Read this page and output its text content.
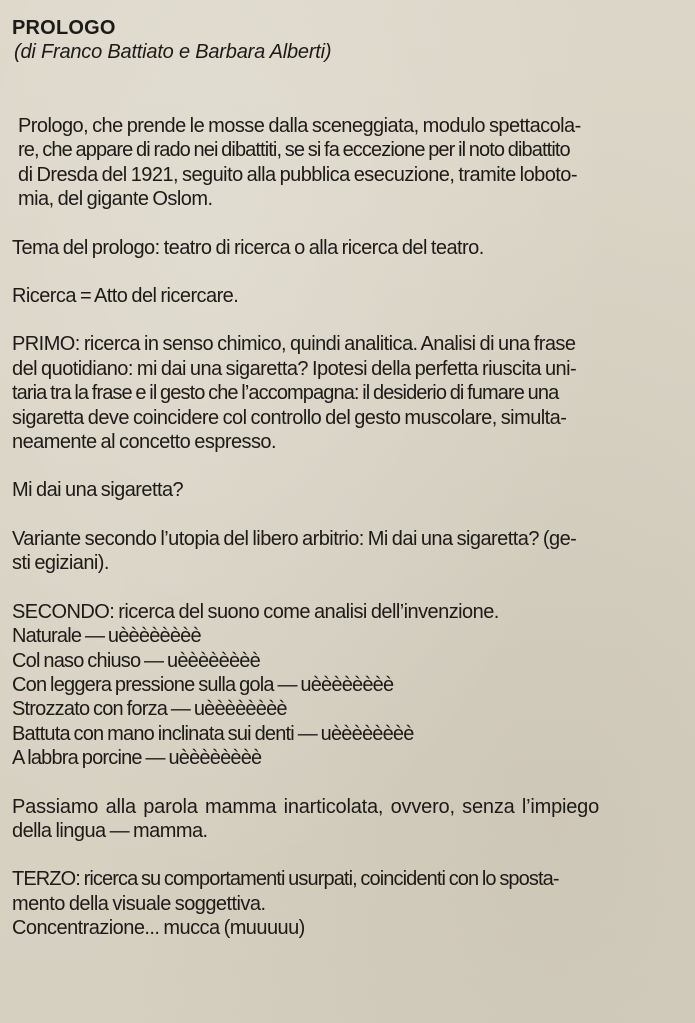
PROLOGO

(di Franco Battiato e Barbara Alberti)

Prologo, che prende le mosse dalla sceneggiata, modulo spettacola-
re, che appare di rado nei dibattiti, se si fa eccezione per il noto dibattito
di Dresda del 1921, seguito alla pubblica esecuzione, tramite loboto-
mia, del gigante Oslom.

Tema del prologo: teatro di ricerca o alla ricerca del teatro.

Ricerca = Atto del ricercare.

PRIMO: ricerca in senso chimico, quindi analitica. Analisi di una frase
del quotidiano: mi dai una sigaretta? Ipotesi della perfetta riuscita uni-
taria tra la frase e il gesto che l’accompagna: il desiderio di fumare una
sigaretta deve coincidere col controllo del gesto muscolare, simulta-
neamente al concetto espresso.

Mi dai una sigaretta?

Variante secondo l’utopia del libero arbitrio: Mi dai una sigaretta? (ge-
sti egiziani).

SECONDO: ricerca del suono come analisi dell’invenzione.
Naturale — uèèèèèèèè
Col naso chiuso — uèèèèèèèè
Con leggera pressione sulla gola — uèèèèèèèè
Strozzato con forza — uèèèèèèèè
Battuta con mano inclinata sui denti — uèèèèèèèè
A labbra porcine — uèèèèèèèè

Passiamo alla parola mamma inarticolata, ovvero, senza l’impiego
della lingua — mamma.

TERZO: ricerca su comportamenti usurpati, coincidenti con lo sposta-
mento della visuale soggettiva.
Concentrazione... mucca (muuuuu)
